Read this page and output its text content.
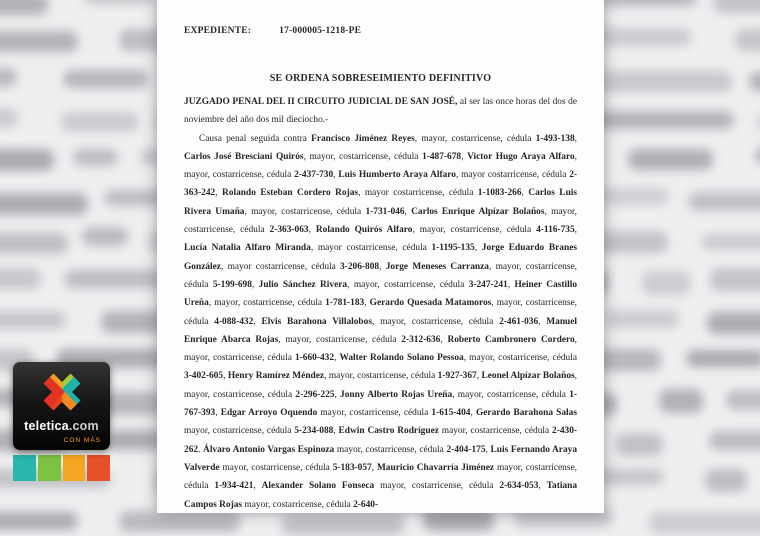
EXPEDIENTE:	17-000005-1218-PE
SE ORDENA SOBRESEIMIENTO DEFINITIVO

JUZGADO PENAL DEL II CIRCUITO JUDICIAL DE SAN JOSÉ, al ser las once horas del dos de noviembre del año dos mil dieciocho.-

Causa penal seguida contra Francisco Jiménez Reyes, mayor, costarricense, cédula 1-493-138, Carlos José Bresciani Quirós, mayor, costarricense, cédula 1-487-678, Victor Hugo Araya Alfaro, mayor, costarricense, cédula 2-437-730, Luis Humberto Araya Alfaro, mayor costarricense, cédula 2-363-242, Rolando Esteban Cordero Rojas, mayor costarricense, cédula 1-1083-266, Carlos Luis Rivera Umaña, mayor, costarricense, cédula 1-731-046, Carlos Enrique Alpízar Bolaños, mayor, costarricense, cédula 2-363-063, Rolando Quirós Alfaro, mayor, costarricense, cédula 4-116-735, Lucía Natalia Alfaro Miranda, mayor costarricense, cédula 1-1195-135, Jorge Eduardo Branes González, mayor costarricense, cédula 3-206-808, Jorge Meneses Carranza, mayor, costarricense, cédula 5-199-698, Julio Sánchez Rivera, mayor, costarricense, cédula 3-247-241, Heiner Castillo Ureña, mayor, costarricense, cédula 1-781-183, Gerardo Quesada Matamoros, mayor, costarricense, cédula 4-088-432, Elvis Barahona Villalobos, mayor, costarricense, cédula 2-461-036, Manuel Enrique Abarca Rojas, mayor, costarricense, cédula 2-312-636, Roberto Cambronero Cordero, mayor, costarricense, cédula 1-660-432, Walter Rolando Solano Pessoa, mayor, costarricense, cédula 3-402-605, Henry Ramírez Méndez, mayor, costarricense, cédula 1-927-367, Leonel Alpízar Bolaños, mayor, costarricense, cédula 2-296-225, Jonny Alberto Rojas Ureña, mayor, costarricense, cédula 1-767-393, Edgar Arroyo Oquendo mayor, costarricense, cédula 1-615-404, Gerardo Barahona Salas mayor, costarricense, cédula 5-234-088, Edwin Castro Rodríguez mayor, costarricense, cédula 2-430-262. Álvaro Antonio Vargas Espinoza mayor, costarricense, cédula 2-404-175, Luis Fernando Araya Valverde mayor, costarricense, cédula 5-183-057, Mauricio Chavarría Jiménez mayor, costarricense, cédula 1-934-421, Alexander Solano Fonseca mayor, costarricense, cédula 2-634-053, Tatiana Campos Rojas mayor, costarricense, cédula 2-640-

teletica.com
CON MÁS
